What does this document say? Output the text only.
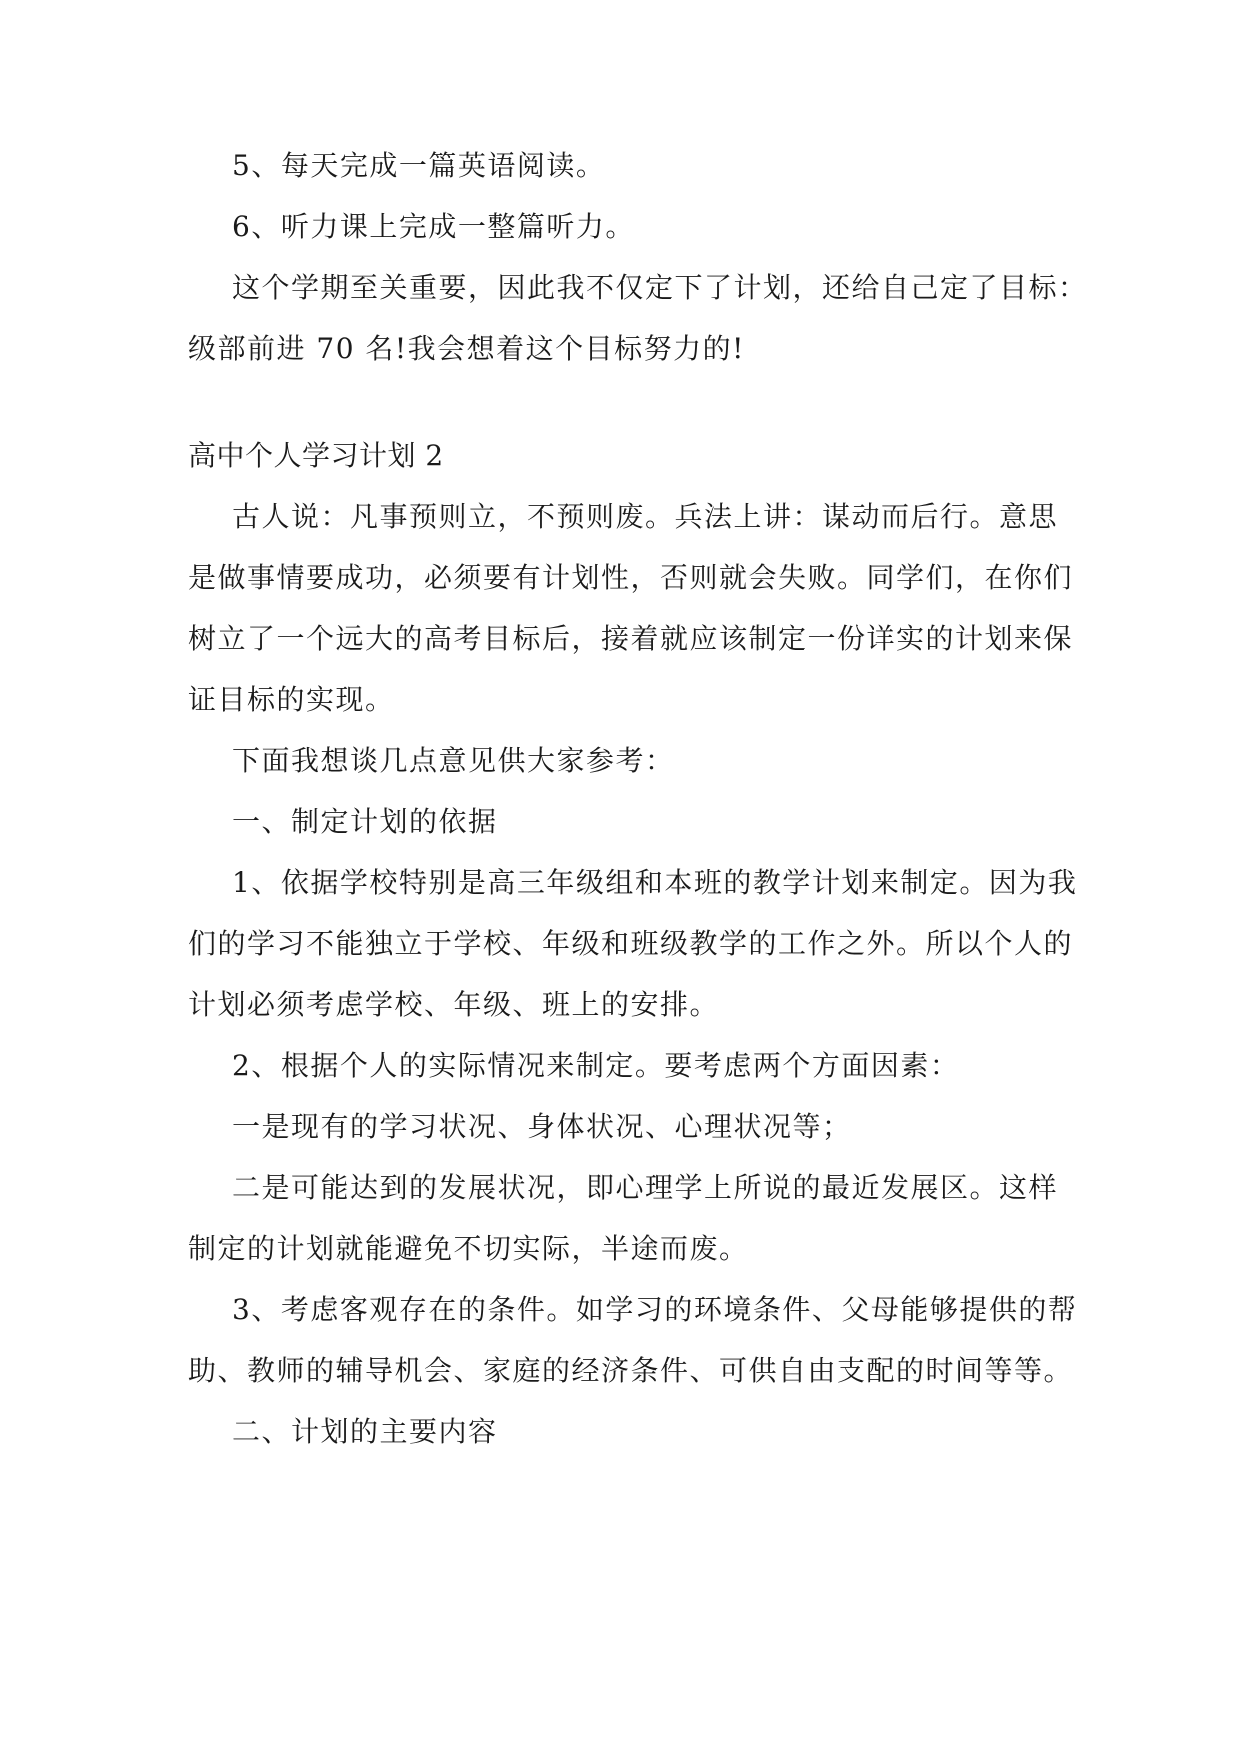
5、每天完成一篇英语阅读。
6、听力课上完成一整篇听力。
这个学期至关重要，因此我不仅定下了计划，还给自己定了目标：
级部前进 70 名!我会想着这个目标努力的!
高中个人学习计划 2
古人说：凡事预则立，不预则废。兵法上讲：谋动而后行。意思
是做事情要成功，必须要有计划性，否则就会失败。同学们，在你们
树立了一个远大的高考目标后，接着就应该制定一份详实的计划来保
证目标的实现。
下面我想谈几点意见供大家参考：
一、制定计划的依据
1、依据学校特别是高三年级组和本班的教学计划来制定。因为我
们的学习不能独立于学校、年级和班级教学的工作之外。所以个人的
计划必须考虑学校、年级、班上的安排。
2、根据个人的实际情况来制定。要考虑两个方面因素：
一是现有的学习状况、身体状况、心理状况等；
二是可能达到的发展状况，即心理学上所说的最近发展区。这样
制定的计划就能避免不切实际，半途而废。
3、考虑客观存在的条件。如学习的环境条件、父母能够提供的帮
助、教师的辅导机会、家庭的经济条件、可供自由支配的时间等等。
二、计划的主要内容
